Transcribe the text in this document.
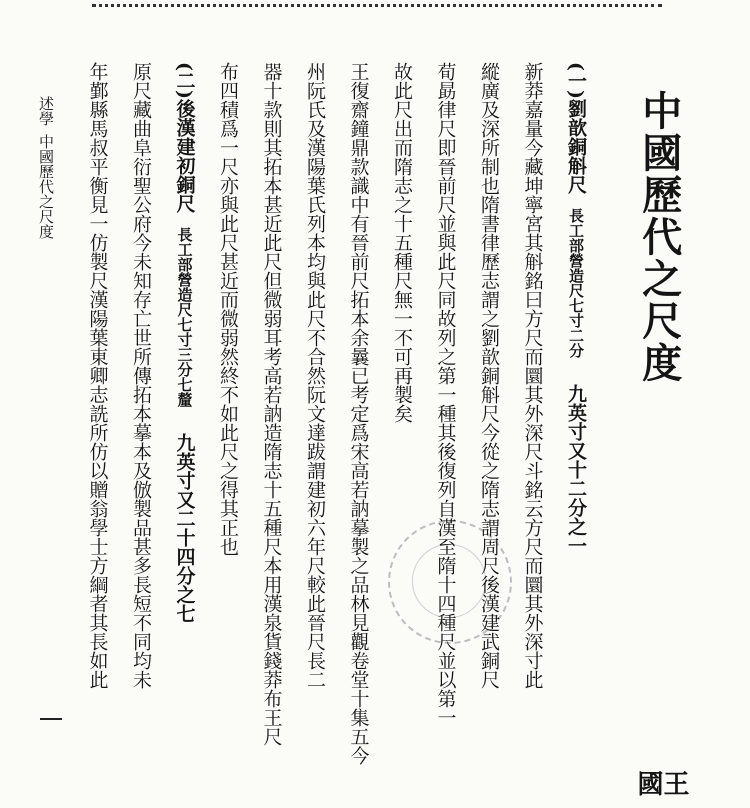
中國歷代之尺度
王國
(一)劉歆銅斛尺長工部營造尺七寸二分九英寸又十二分之一
新莽嘉量今藏坤寧宮其斛銘曰方尺而圜其外深尺斗銘云方尺而圜其外深寸此
縱廣及深所制也隋書律歷志謂之劉歆銅斛尺今從之隋志謂周尺後漢建武銅尺
荀勗律尺即晉前尺並與此尺同故列之第一種其後復列自漢至隋十四種尺並以第一
故此尺出而隋志之十五種尺無一不可再製矣
王復齋鐘鼎款識中有晉前尺拓本余曩已考定爲宋高若訥摹製之品林見觀卷堂十集五今
州阮氏及漢陽葉氏列本均與此尺不合然阮文達跋謂建初六年尺較此晉尺長二
器十款則其拓本甚近此尺但微弱耳考高若訥造隋志十五種尺本用漢泉貨錢莽布王尺
布四積爲一尺亦與此尺甚近而微弱然終不如此尺之得其正也
(二)後漢建初銅尺長工部營造尺七寸三分七釐九英寸又二十四分之七
原尺藏曲阜衍聖公府今未知存亡世所傳拓本摹本及倣製品甚多長短不同均未
年鄞縣馬叔平衡見一仿製尺漢陽葉東卿志詵所仿以贈翁學士方綱者其長如此
述學中國歷代之尺度
